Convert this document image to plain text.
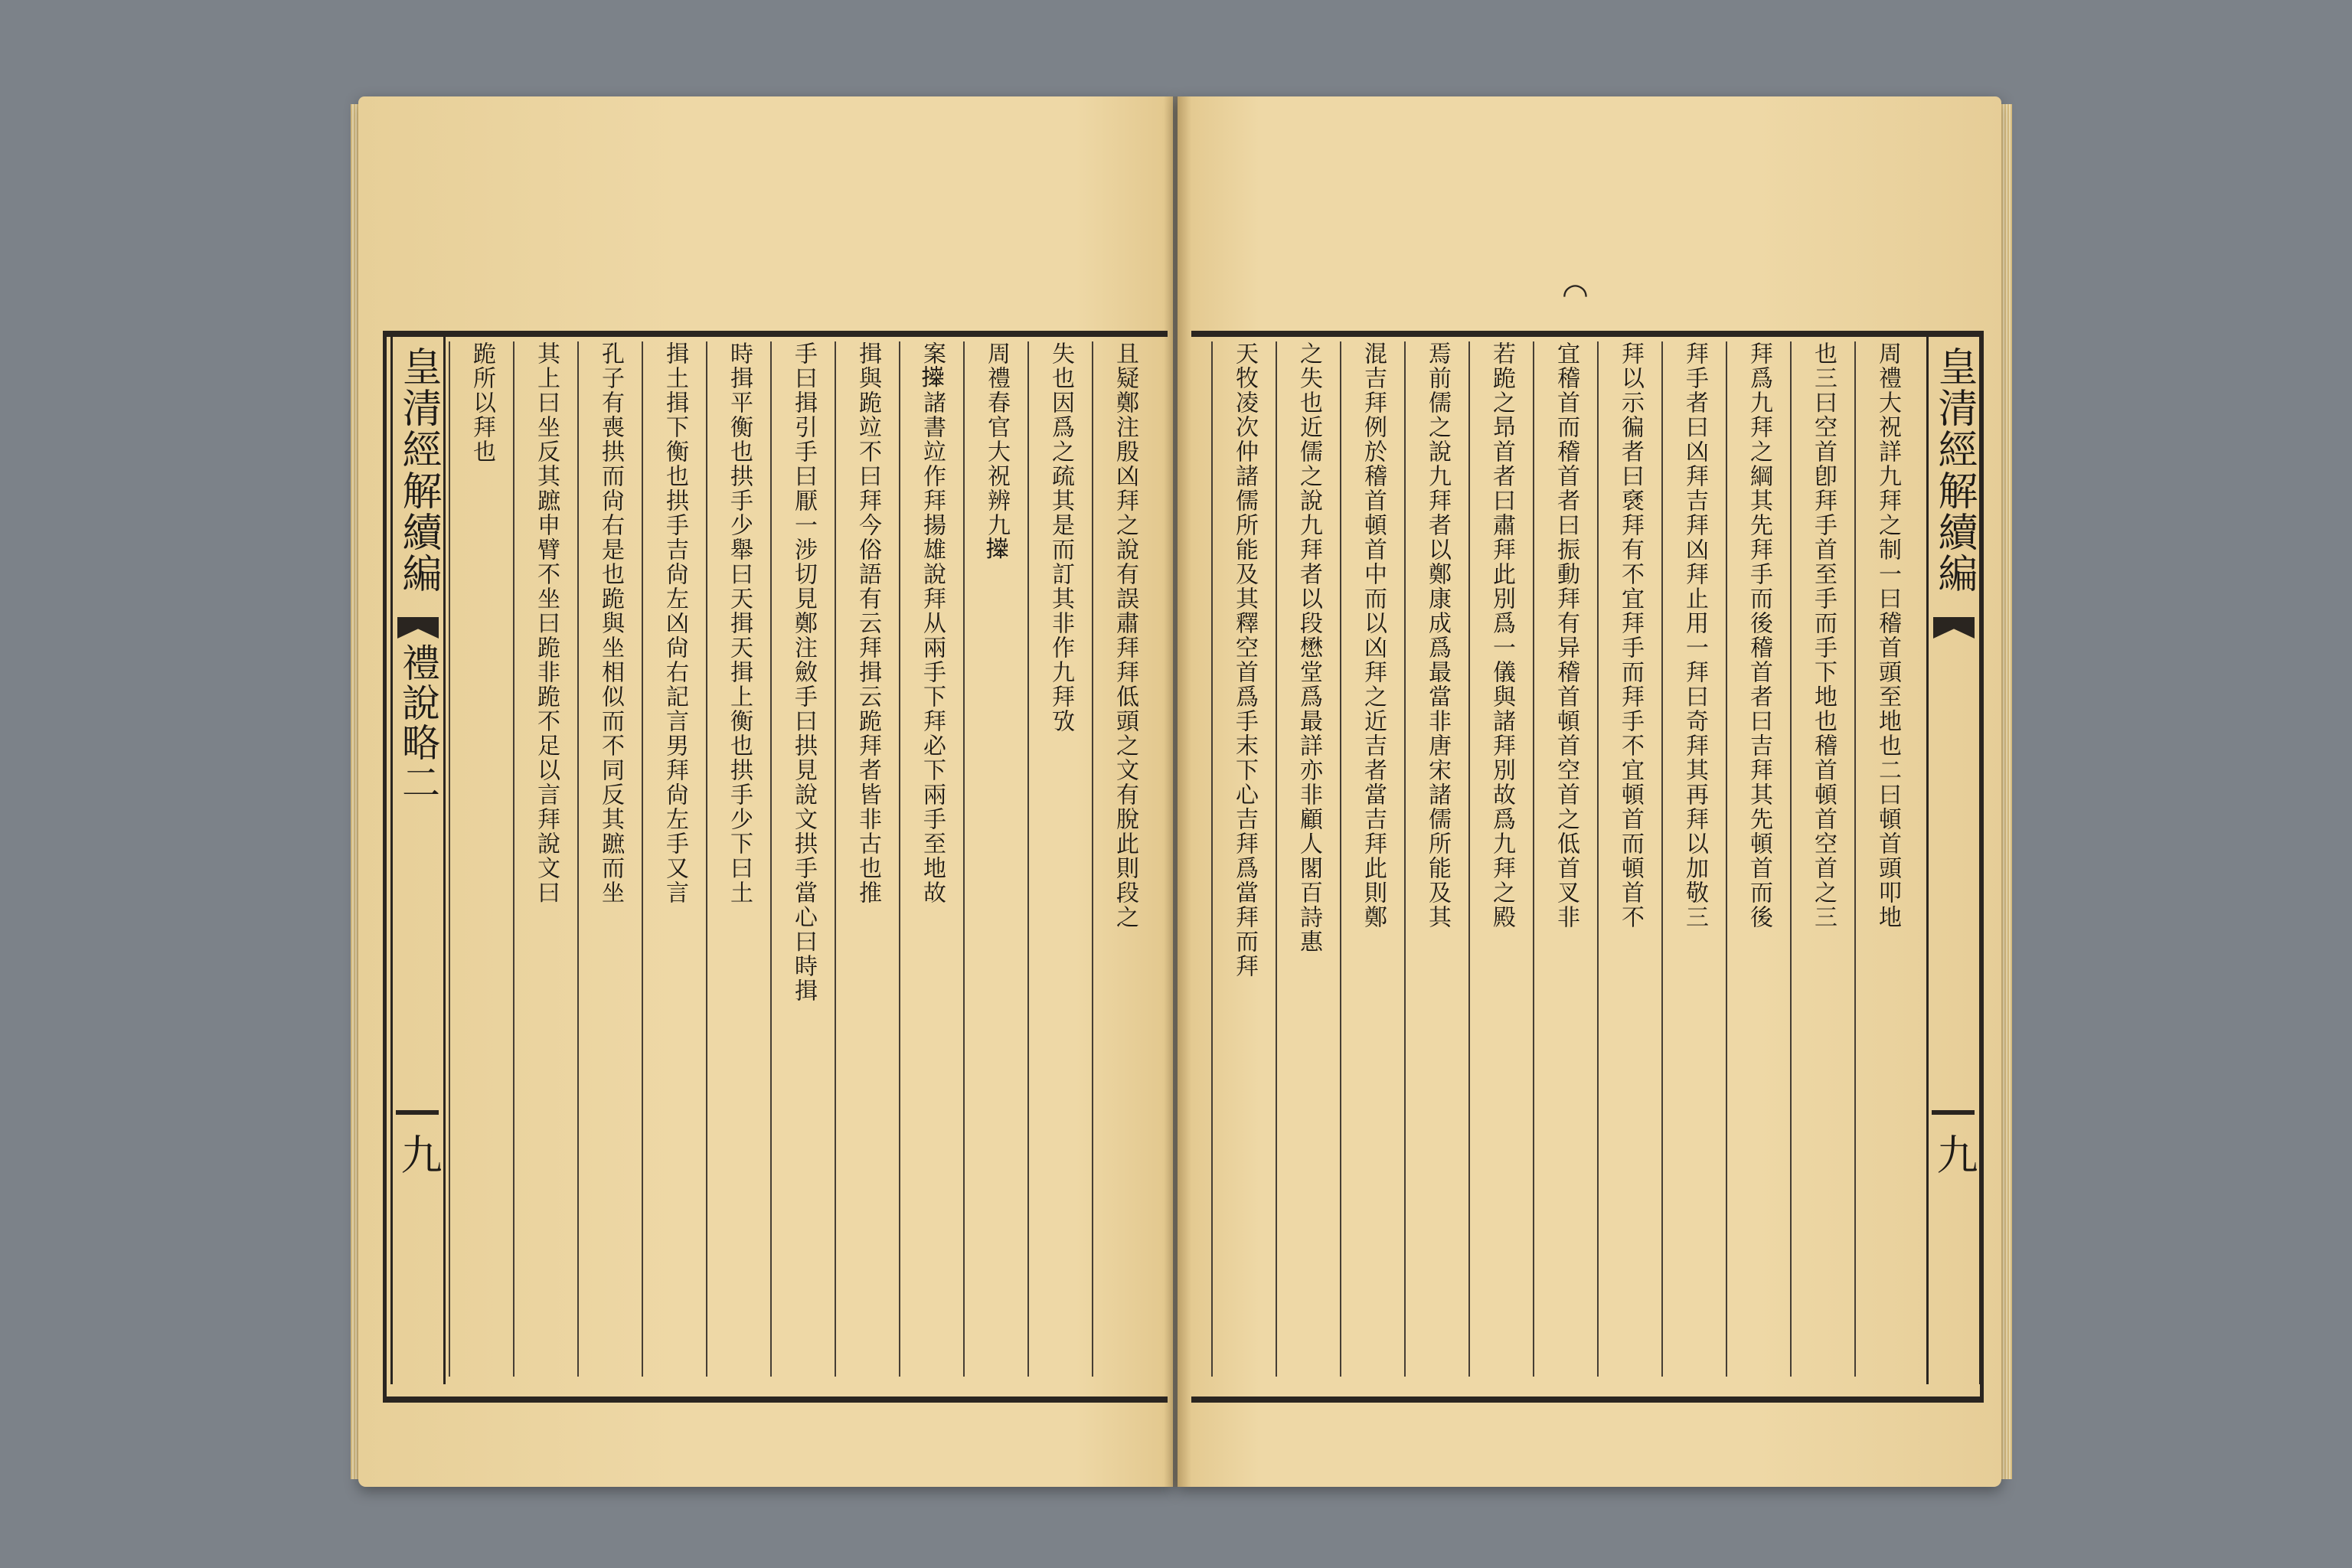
◠
皇清經解續編
禮說略二
九
且疑鄭注殷凶拜之說有誤肅拜拜低頭之文有脫此則段之
失也因爲之疏其是而訂其非作九拜攷
周禮春官大祝辨九𢷎
案𢷎諸書竝作拜揚雄說拜从兩手下拜必下兩手至地故
揖與跪竝不曰拜今俗語有云拜揖云跪拜者皆非古也推
手曰揖引手曰厭一涉切見鄭注斂手曰拱見說文拱手當心曰時揖
時揖平衡也拱手少舉曰天揖天揖上衡也拱手少下曰土
揖土揖下衡也拱手吉尙左凶尙右記言男拜尙左手又言
孔子有喪拱而尙右是也跪與坐相似而不同反其蹠而坐
其上曰坐反其蹠申臂不坐曰跪非跪不足以言拜說文曰
跪所以拜也	皇清經解續編
九
周禮大祝詳九拜之制一曰稽首頭至地也二曰頓首頭叩地
也三曰空首卽拜手首至手而手下地也稽首頓首空首之三
拜爲九拜之綱其先拜手而後稽首者曰吉拜其先頓首而後
拜手者曰凶拜吉拜凶拜止用一拜曰奇拜其再拜以加敬三
拜以示徧者曰褎拜有不宜拜手而拜手不宜頓首而頓首不
宜稽首而稽首者曰振動拜有异稽首頓首空首之低首叉非
若跪之昻首者曰肅拜此別爲一儀與諸拜別故爲九拜之殿
焉前儒之說九拜者以鄭康成爲最當非唐宋諸儒所能及其
混吉拜例於稽首頓首中而以凶拜之近吉者當吉拜此則鄭
之失也近儒之說九拜者以段懋堂爲最詳亦非顧人閣百詩惠
天牧凌次仲諸儒所能及其釋空首爲手末下心吉拜爲當拜而拜
